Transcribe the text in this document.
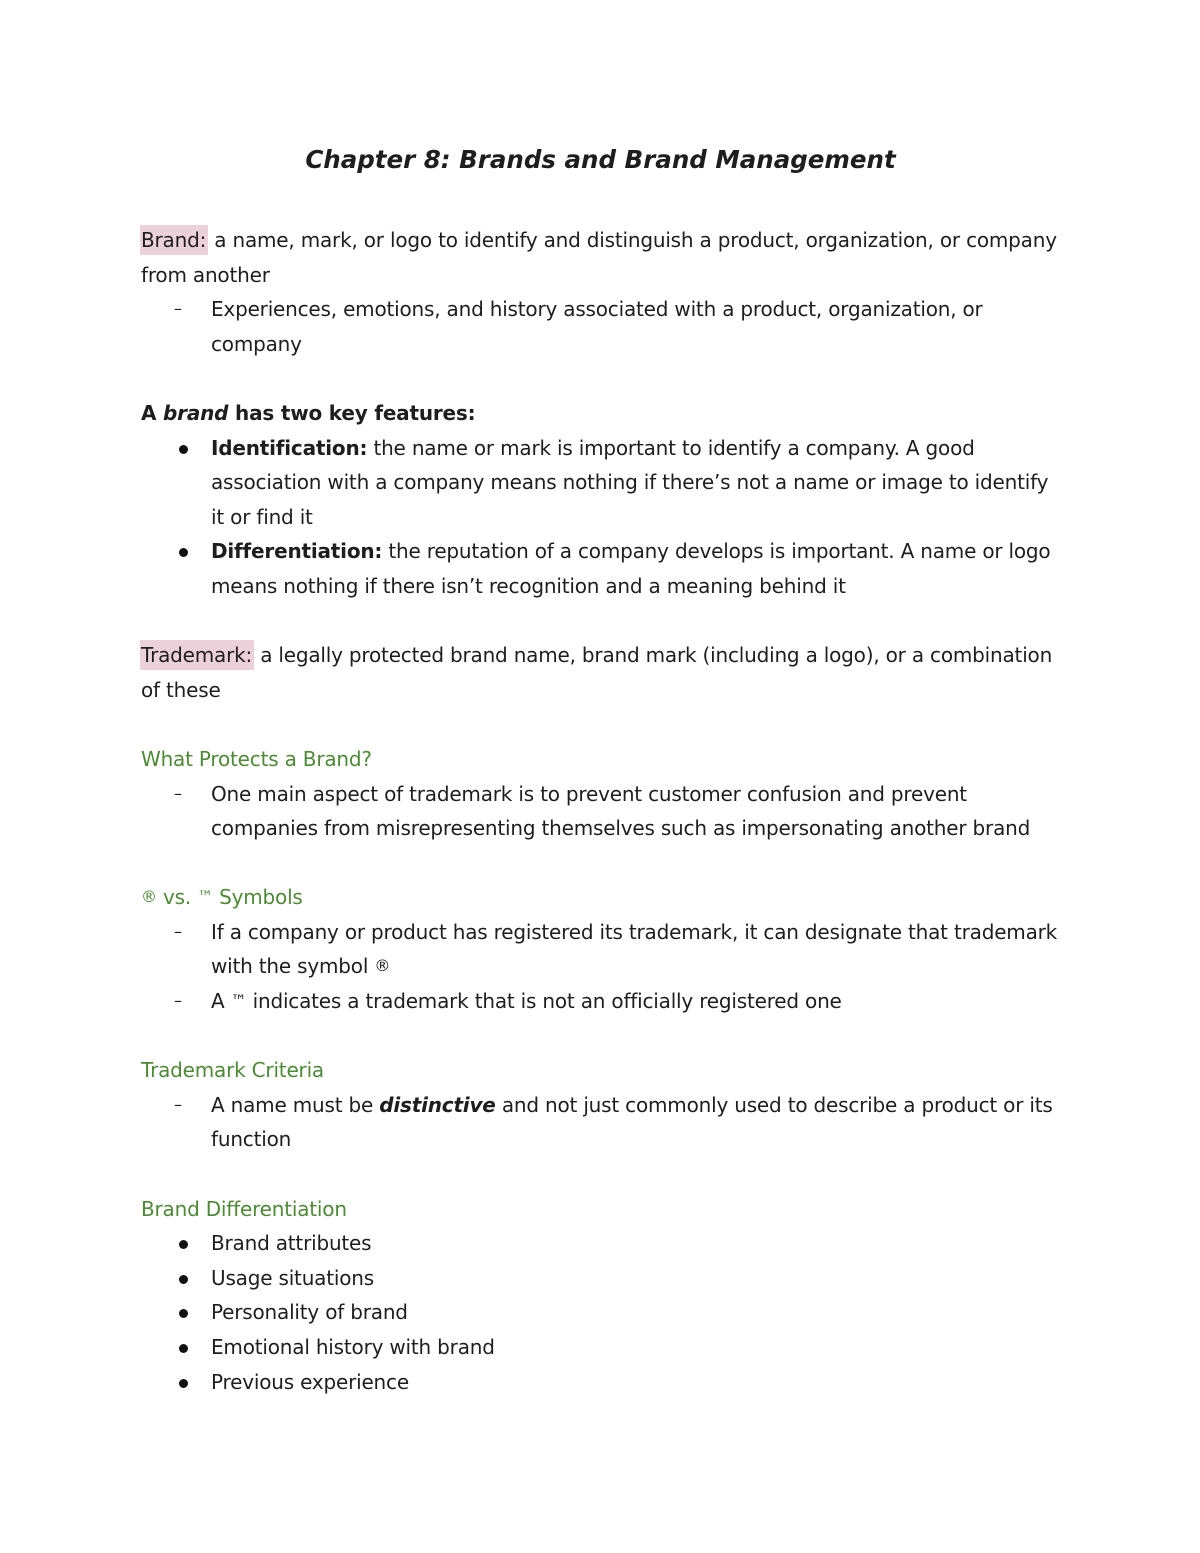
Chapter 8: Brands and Brand Management

Brand: a name, mark, or logo to identify and distinguish a product, organization, or company from another

– Experiences, emotions, and history associated with a product, organization, or company

A brand has two key features:

Identification: the name or mark is important to identify a company. A good association with a company means nothing if there’s not a name or image to identify it or find it
Differentiation: the reputation of a company develops is important. A name or logo means nothing if there isn’t recognition and a meaning behind it

Trademark: a legally protected brand name, brand mark (including a logo), or a combination of these

What Protects a Brand?

– One main aspect of trademark is to prevent customer confusion and prevent companies from misrepresenting themselves such as impersonating another brand

® vs. ™ Symbols

– If a company or product has registered its trademark, it can designate that trademark with the symbol ®
– A ™ indicates a trademark that is not an officially registered one

Trademark Criteria

– A name must be distinctive and not just commonly used to describe a product or its function

Brand Differentiation

Brand attributes
Usage situations
Personality of brand
Emotional history with brand
Previous experience
